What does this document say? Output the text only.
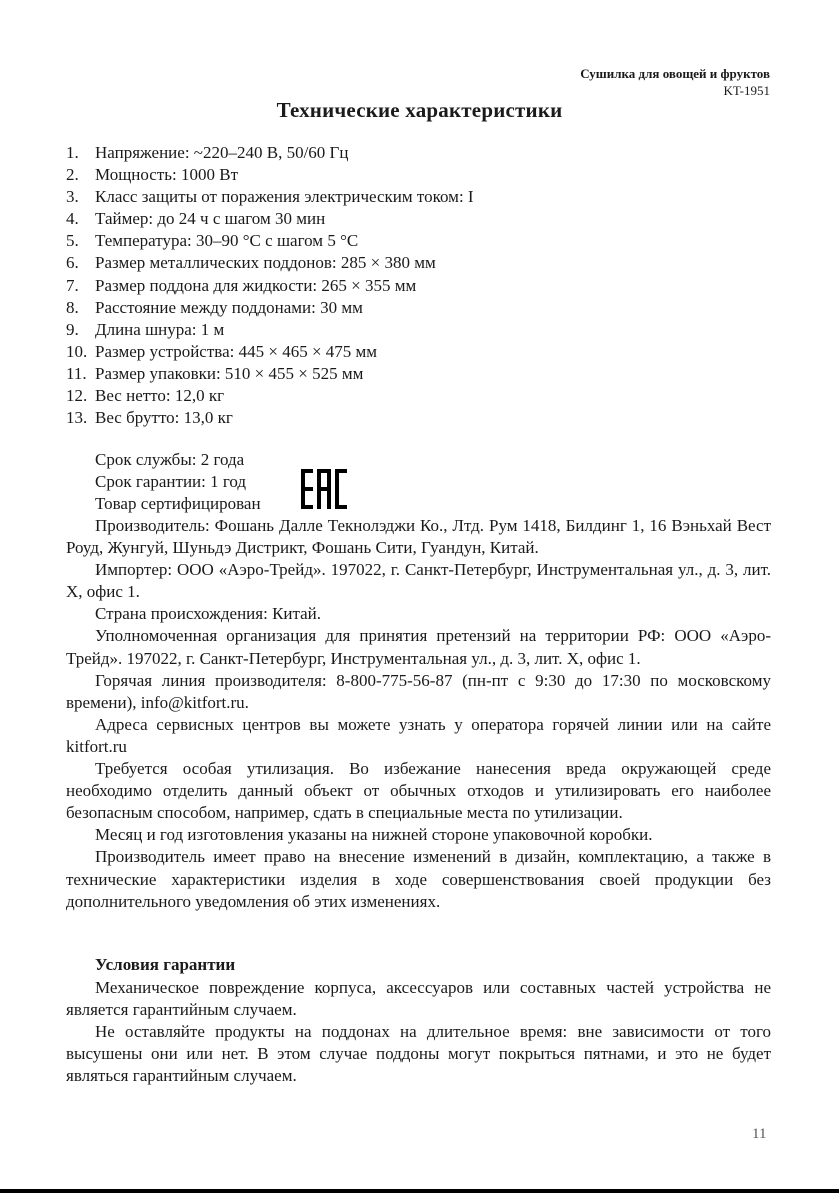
Сушилка для овощей и фруктов
KT-1951
Технические характеристики
1. Напряжение: ~220–240 В, 50/60 Гц
2. Мощность: 1000 Вт
3. Класс защиты от поражения электрическим током: I
4. Таймер: до 24 ч с шагом 30 мин
5. Температура: 30–90 °C с шагом 5 °C
6. Размер металлических поддонов: 285 × 380 мм
7. Размер поддона для жидкости: 265 × 355 мм
8. Расстояние между поддонами: 30 мм
9. Длина шнура: 1 м
10. Размер устройства: 445 × 465 × 475 мм
11. Размер упаковки: 510 × 455 × 525 мм
12. Вес нетто: 12,0 кг
13. Вес брутто: 13,0 кг
Срок службы: 2 года
Срок гарантии: 1 год
Товар сертифицирован

Производитель: Фошань Далле Текнолэджи Ко., Лтд. Рум 1418, Билдинг 1, 16 Вэньхай Вест Роуд, Жунгуй, Шуньдэ Дистрикт, Фошань Сити, Гуандун, Китай.

Импортер: ООО «Аэро-Трейд». 197022, г. Санкт-Петербург, Инструментальная ул., д. 3, лит. Х, офис 1.

Страна происхождения: Китай.

Уполномоченная организация для принятия претензий на территории РФ: ООО «Аэро-Трейд». 197022, г. Санкт-Петербург, Инструментальная ул., д. 3, лит. Х, офис 1.

Горячая линия производителя: 8-800-775-56-87 (пн-пт с 9:30 до 17:30 по московскому времени), info@kitfort.ru.

Адреса сервисных центров вы можете узнать у оператора горячей линии или на сайте kitfort.ru

Требуется особая утилизация. Во избежание нанесения вреда окружающей среде необходимо отделить данный объект от обычных отходов и утилизировать его наиболее безопасным способом, например, сдать в специальные места по утилизации.

Месяц и год изготовления указаны на нижней стороне упаковочной коробки.

Производитель имеет право на внесение изменений в дизайн, комплектацию, а также в технические характеристики изделия в ходе совершенствования своей продукции без дополнительного уведомления об этих изменениях.

Условия гарантии

Механическое повреждение корпуса, аксессуаров или составных частей устройства не является гарантийным случаем.

Не оставляйте продукты на поддонах на длительное время: вне зависимости от того высушены они или нет. В этом случае поддоны могут покрыться пятнами, и это не будет являться гарантийным случаем.

11
